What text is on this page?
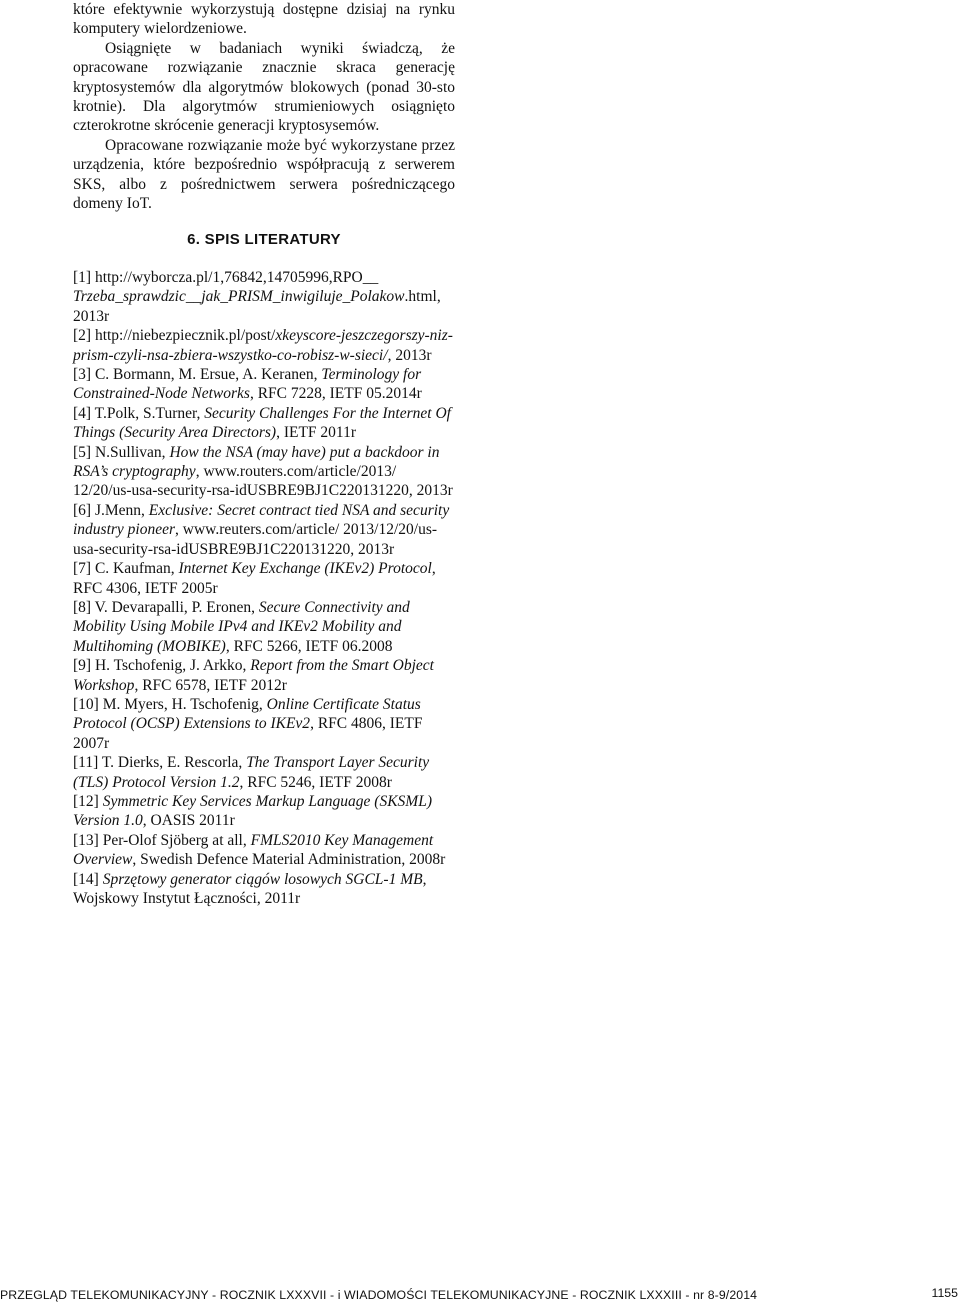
które efektywnie wykorzystują dostępne dzisiaj na rynku komputery wielordzeniowe.

Osiągnięte w badaniach wyniki świadczą, że opracowane rozwiązanie znacznie skraca generację kryptosystemów dla algorytmów blokowych (ponad 30-sto krotnie). Dla algorytmów strumieniowych osiągnięto czterokrotne skrócenie generacji kryptosysemów.

Opracowane rozwiązanie może być wykorzystane przez urządzenia, które bezpośrednio współpracują z serwerem SKS, albo z pośrednictwem serwera pośredniczącego domeny IoT.

6. SPIS LITERATURY

[1] http://wyborcza.pl/1,76842,14705996,RPO__ Trzeba_sprawdzic__jak_PRISM_inwigiluje_Polakow.html, 2013r

[2] http://niebezpiecznik.pl/post/xkeyscore-jeszczegorszy-niz-prism-czyli-nsa-zbiera-wszystko-co-robisz-w-sieci/, 2013r

[3] C. Bormann, M. Ersue, A. Keranen, Terminology for Constrained-Node Networks, RFC 7228, IETF 05.2014r

[4] T.Polk, S.Turner, Security Challenges For the Internet Of Things (Security Area Directors), IETF 2011r

[5] N.Sullivan, How the NSA (may have) put a backdoor in RSA’s cryptography, www.routers.com/article/2013/ 12/20/us-usa-security-rsa-idUSBRE9BJ1C220131220, 2013r

[6] J.Menn, Exclusive: Secret contract tied NSA and security industry pioneer, www.reuters.com/article/ 2013/12/20/us-usa-security-rsa-idUSBRE9BJ1C220131220, 2013r

[7] C. Kaufman, Internet Key Exchange (IKEv2) Protocol, RFC 4306, IETF 2005r

[8] V. Devarapalli, P. Eronen, Secure Connectivity and Mobility Using Mobile IPv4 and IKEv2 Mobility and Multihoming (MOBIKE), RFC 5266, IETF 06.2008

[9] H. Tschofenig, J. Arkko, Report from the Smart Object Workshop, RFC 6578, IETF 2012r

[10] M. Myers, H. Tschofenig, Online Certificate Status Protocol (OCSP) Extensions to IKEv2, RFC 4806, IETF 2007r

[11] T. Dierks, E. Rescorla, The Transport Layer Security (TLS) Protocol Version 1.2, RFC 5246, IETF 2008r

[12] Symmetric Key Services Markup Language (SKSML) Version 1.0, OASIS 2011r

[13] Per-Olof Sjöberg at all, FMLS2010 Key Management Overview, Swedish Defence Material Administration, 2008r

[14] Sprzętowy generator ciągów losowych SGCL-1 MB, Wojskowy Instytut Łączności, 2011r

PRZEGLĄD TELEKOMUNIKACYJNY - ROCZNIK LXXXVII - i WIADOMOŚCI TELEKOMUNIKACYJNE - ROCZNIK LXXXIII - nr 8-9/2014	1155
